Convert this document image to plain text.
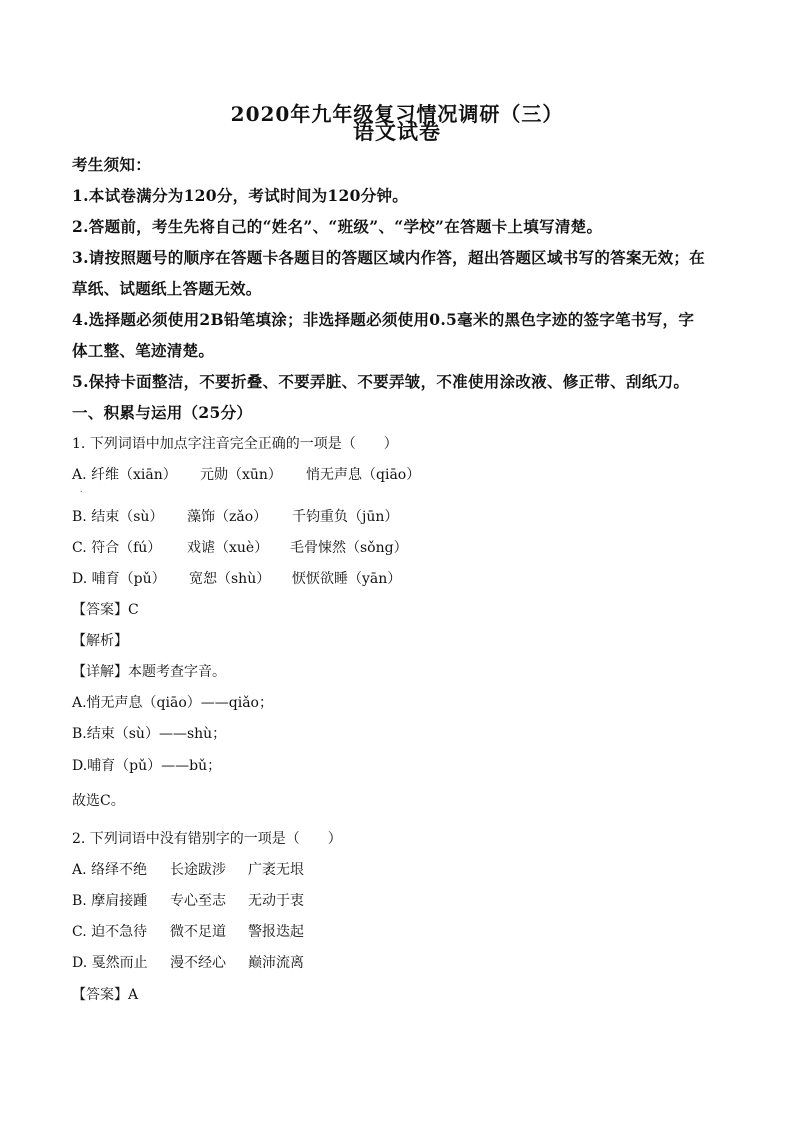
2020年九年级复习情况调研（三）
语文试卷
考生须知：
1.本试卷满分为120分，考试时间为120分钟。
2.答题前，考生先将自己的“姓名”、“班级”、“学校”在答题卡上填写清楚。
3.请按照题号的顺序在答题卡各题目的答题区域内作答，超出答题区域书写的答案无效；在
草纸、试题纸上答题无效。
4.选择题必须使用2B铅笔填涂；非选择题必须使用0.5毫米的黑色字迹的签字笔书写，字
体工整、笔迹清楚。
5.保持卡面整洁，不要折叠、不要弄脏、不要弄皱，不准使用涂改液、修正带、刮纸刀。
一、积累与运用（25分）
1. 下列词语中加点字注音完全正确的一项是（　　）
A. 纤维（xiān） 元勋（xūn） 悄无声息（qiāo）
.
B. 结束（sù） 藻饰（zǎo） 千钧重负（jūn）
C. 符合（fú） 戏谑（xuè） 毛骨悚然（sǒng）
D. 哺育（pǔ） 宽恕（shù） 恹恹欲睡（yān）
【答案】C
【解析】
【详解】本题考查字音。
A.悄无声息（qiāo）——qiǎo；
B.结束（sù）——shù；
D.哺育（pǔ）——bǔ；
故选C。
2. 下列词语中没有错别字的一项是（　　）
A. 络绎不绝 长途跋涉 广袤无垠
B. 摩肩接踵 专心至志 无动于衷
C. 迫不急待 微不足道 警报迭起
D. 戛然而止 漫不经心 巅沛流离
【答案】A
